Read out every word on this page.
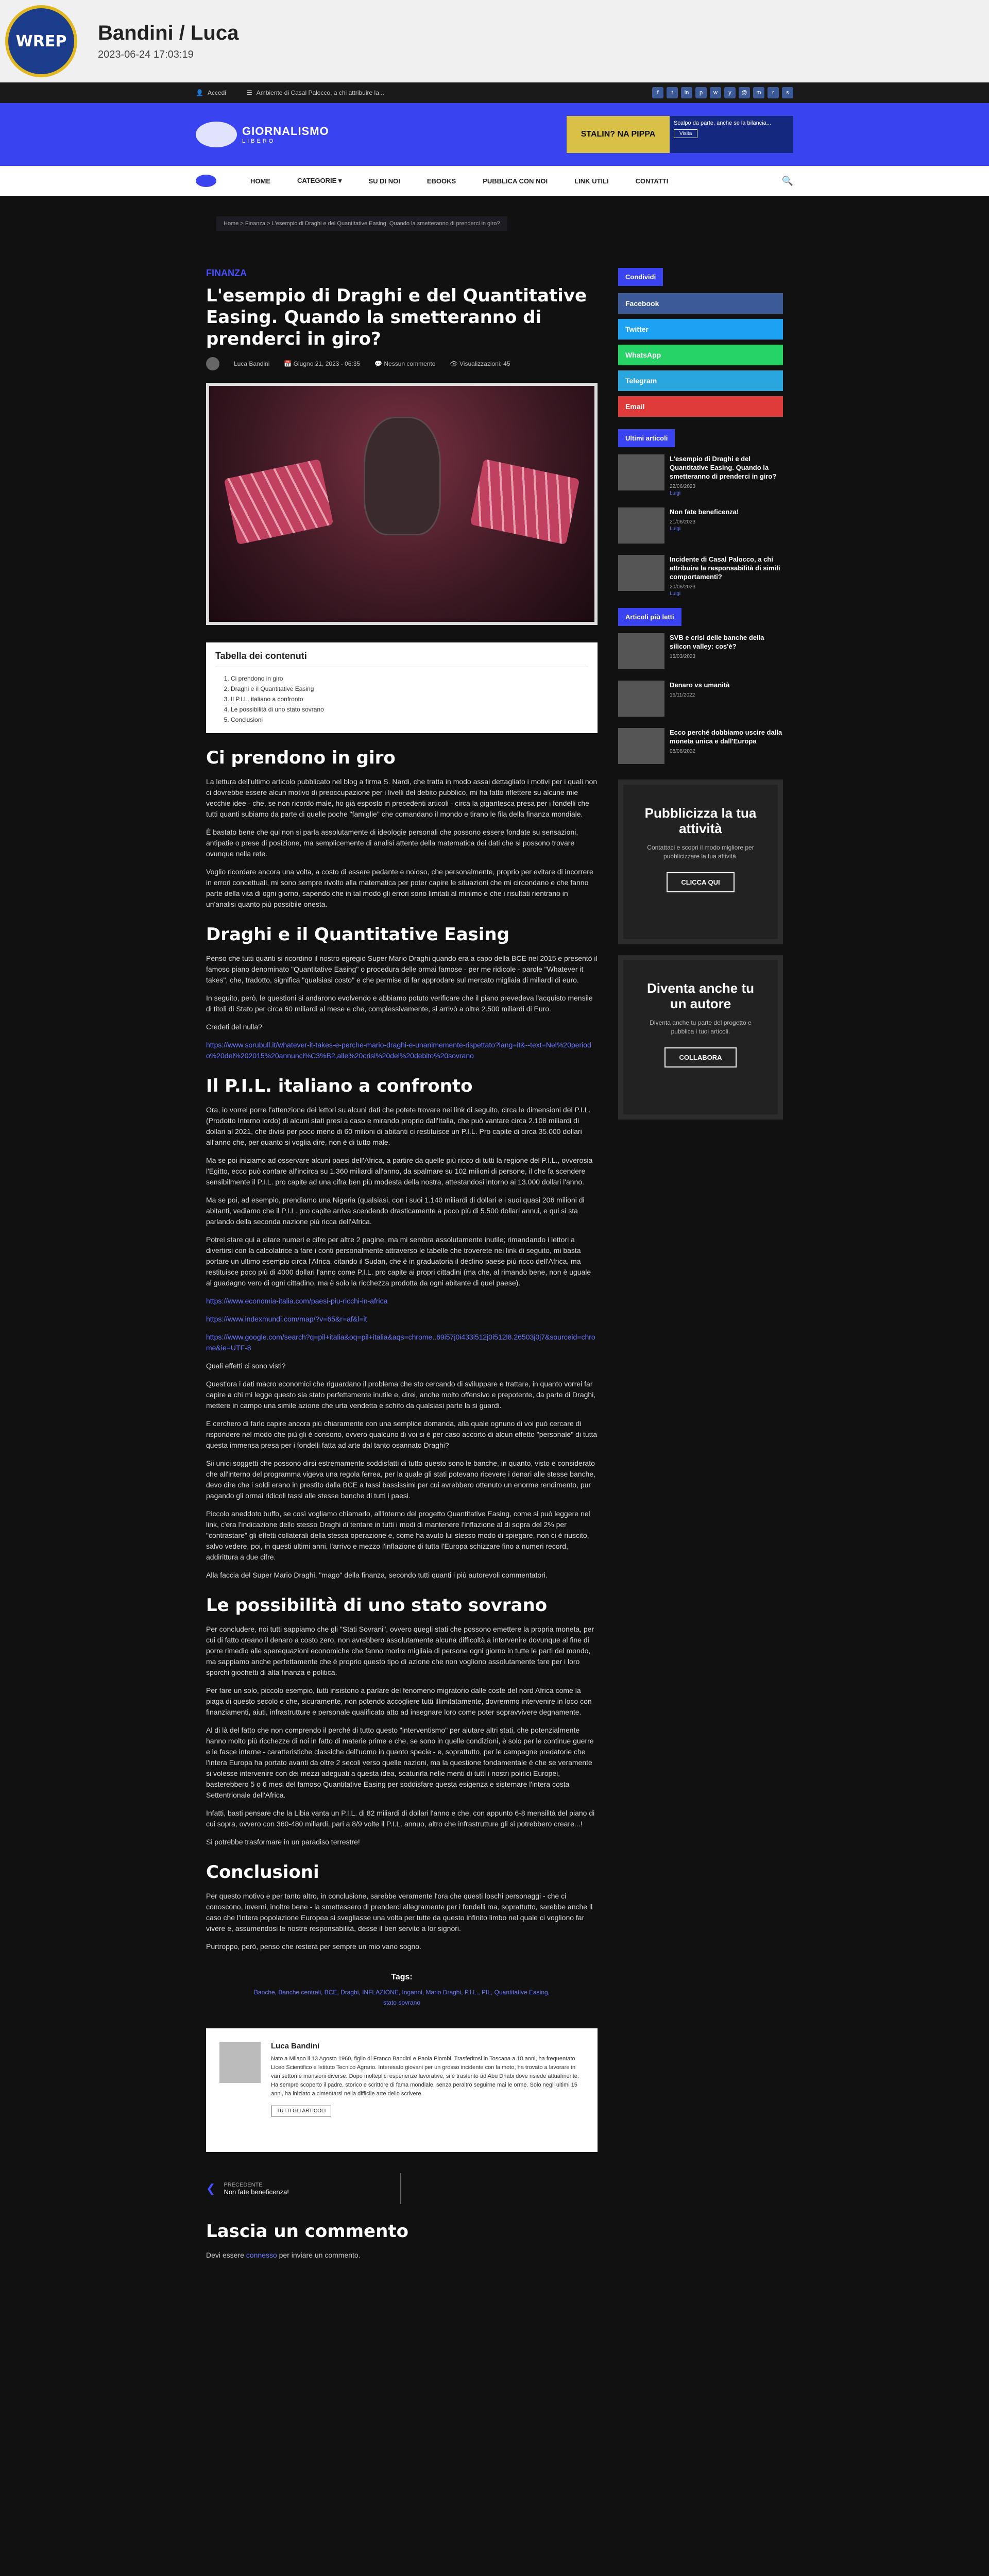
WREP	Bandini / Luca
2023-06-24 17:03:19
👤 Accedi	☰ Ambiente di Casal Palocco, a chi attribuire la...	f	t	in	p	w	y	@	m	r	s
GIORNALISMO
LIBERO
STALIN? NA PIPPA
Scalpo da parte, anche se la bilancia...
Visita
HOME	CATEGORIE ▾	SU DI NOI	EBOOKS	PUBBLICA CON NOI	LINK UTILI	CONTATTI	🔍
Home > Finanza > L'esempio di Draghi e del Quantitative Easing. Quando la smetteranno di prenderci in giro?
FINANZA
L'esempio di Draghi e del Quantitative Easing. Quando la smetteranno di prenderci in giro?
Luca Bandini 📅 Giugno 21, 2023 - 06:35 💬 Nessun commento 👁 Visualizzazioni: 45
Tabella dei contenuti
1. Ci prendono in giro
2. Draghi e il Quantitative Easing
3. Il P.I.L. italiano a confronto
4. Le possibilità di uno stato sovrano
5. Conclusioni
Ci prendono in giro

La lettura dell'ultimo articolo pubblicato nel blog a firma S. Nardi, che tratta in modo assai dettagliato i motivi per i quali non ci dovrebbe essere alcun motivo di preoccupazione per i livelli del debito pubblico, mi ha fatto riflettere su alcune mie vecchie idee - che, se non ricordo male, ho già esposto in precedenti articoli - circa la gigantesca presa per i fondelli che tutti quanti subiamo da parte di quelle poche "famiglie" che comandano il mondo e tirano le fila della finanza mondiale.

È bastato bene che qui non si parla assolutamente di ideologie personali che possono essere fondate su sensazioni, antipatie o prese di posizione, ma semplicemente di analisi attente della matematica dei dati che si possono trovare ovunque nella rete.

Voglio ricordare ancora una volta, a costo di essere pedante e noioso, che personalmente, proprio per evitare di incorrere in errori concettuali, mi sono sempre rivolto alla matematica per poter capire le situazioni che mi circondano e che fanno parte della vita di ogni giorno, sapendo che in tal modo gli errori sono limitati al minimo e che i risultati rientrano in un'analisi quanto più possibile onesta.

Draghi e il Quantitative Easing

Penso che tutti quanti si ricordino il nostro egregio Super Mario Draghi quando era a capo della BCE nel 2015 e presentò il famoso piano denominato "Quantitative Easing" o procedura delle ormai famose - per me ridicole - parole "Whatever it takes", che, tradotto, significa "qualsiasi costo" e che permise di far approdare sul mercato migliaia di miliardi di euro.

In seguito, però, le questioni si andarono evolvendo e abbiamo potuto verificare che il piano prevedeva l'acquisto mensile di titoli di Stato per circa 60 miliardi al mese e che, complessivamente, si arrivò a oltre 2.500 miliardi di Euro.

Credeti del nulla?

https://www.sorubull.it/whatever-it-takes-e-perche-mario-draghi-e-unanimemente-rispettato?lang=it&--text=Nel%20periodo%20del%202015%20annunci%C3%B2,alle%20crisi%20del%20debito%20sovrano

Il P.I.L. italiano a confronto

Ora, io vorrei porre l'attenzione dei lettori su alcuni dati che potete trovare nei link di seguito, circa le dimensioni del P.I.L. (Prodotto Interno lordo) di alcuni stati presi a caso e mirando proprio dall'Italia, che può vantare circa 2.108 miliardi di dollari al 2021, che divisi per poco meno di 60 milioni di abitanti ci restituisce un P.I.L. Pro capite di circa 35.000 dollari all'anno che, per quanto si voglia dire, non è di tutto male.

Ma se poi iniziamo ad osservare alcuni paesi dell'Africa, a partire da quelle più ricco di tutti la regione del P.I.L., ovverosia l'Egitto, ecco può contare all'incirca su 1.360 miliardi all'anno, da spalmare su 102 milioni di persone, il che fa scendere sensibilmente il P.I.L. pro capite ad una cifra ben più modesta della nostra, attestandosi intorno ai 13.000 dollari l'anno.

Ma se poi, ad esempio, prendiamo una Nigeria (qualsiasi, con i suoi 1.140 miliardi di dollari e i suoi quasi 206 milioni di abitanti, vediamo che il P.I.L. pro capite arriva scendendo drasticamente a poco più di 5.500 dollari annui, e qui si sta parlando della seconda nazione più ricca dell'Africa.

Potrei stare qui a citare numeri e cifre per altre 2 pagine, ma mi sembra assolutamente inutile; rimandando i lettori a divertirsi con la calcolatrice a fare i conti personalmente attraverso le tabelle che troverete nei link di seguito, mi basta portare un ultimo esempio circa l'Africa, citando il Sudan, che è in graduatoria il declino paese più ricco dell'Africa, ma restituisce poco più di 4000 dollari l'anno come P.I.L. pro capite ai propri cittadini (ma che, al rimando bene, non è uguale al guadagno vero di ogni cittadino, ma è solo la ricchezza prodotta da ogni abitante di quel paese).

https://www.economia-italia.com/paesi-piu-ricchi-in-africa

https://www.indexmundi.com/map/?v=65&r=af&l=it

https://www.google.com/search?q=pil+italia&oq=pil+italia&aqs=chrome..69i57j0i433i512j0i512l8.26503j0j7&sourceid=chrome&ie=UTF-8

Quali effetti ci sono visti?

Quest'ora i dati macro economici che riguardano il problema che sto cercando di sviluppare e trattare, in quanto vorrei far capire a chi mi legge questo sia stato perfettamente inutile e, direi, anche molto offensivo e prepotente, da parte di Draghi, mettere in campo una simile azione che urta vendetta e schifo da qualsiasi parte la si guardi.

E cerchero di farlo capire ancora più chiaramente con una semplice domanda, alla quale ognuno di voi può cercare di rispondere nel modo che più gli è consono, ovvero qualcuno di voi si è per caso accorto di alcun effetto "personale" di tutta questa immensa presa per i fondelli fatta ad arte dal tanto osannato Draghi?

Sii unici soggetti che possono dirsi estremamente soddisfatti di tutto questo sono le banche, in quanto, visto e considerato che all'interno del programma vigeva una regola ferrea, per la quale gli stati potevano ricevere i denari alle stesse banche, devo dire che i soldi erano in prestito dalla BCE a tassi bassissimi per cui avrebbero ottenuto un enorme rendimento, pur pagando gli ormai ridicoli tassi alle stesse banche di tutti i paesi.

Piccolo aneddoto buffo, se così vogliamo chiamarlo, all'interno del progetto Quantitative Easing, come si può leggere nel link, c'era l'indicazione dello stesso Draghi di tentare in tutti i modi di mantenere l'inflazione al di sopra del 2% per "contrastare" gli effetti collaterali della stessa operazione e, come ha avuto lui stesso modo di spiegare, non ci è riuscito, salvo vedere, poi, in questi ultimi anni, l'arrivo e mezzo l'inflazione di tutta l'Europa schizzare fino a numeri record, addirittura a due cifre.

Alla faccia del Super Mario Draghi, "mago" della finanza, secondo tutti quanti i più autorevoli commentatori.

Le possibilità di uno stato sovrano

Per concludere, noi tutti sappiamo che gli "Stati Sovrani", ovvero quegli stati che possono emettere la propria moneta, per cui di fatto creano il denaro a costo zero, non avrebbero assolutamente alcuna difficoltà a intervenire dovunque al fine di porre rimedio alle sperequazioni economiche che fanno morire migliaia di persone ogni giorno in tutte le parti del mondo, ma sappiamo anche perfettamente che è proprio questo tipo di azione che non vogliono assolutamente fare per i loro sporchi giochetti di alta finanza e politica.

Per fare un solo, piccolo esempio, tutti insistono a parlare del fenomeno migratorio dalle coste del nord Africa come la piaga di questo secolo e che, sicuramente, non potendo accogliere tutti illimitatamente, dovremmo intervenire in loco con finanziamenti, aiuti, infrastrutture e personale qualificato atto ad insegnare loro come poter sopravvivere degnamente.

Al di là del fatto che non comprendo il perché di tutto questo "interventismo" per aiutare altri stati, che potenzialmente hanno molto più ricchezze di noi in fatto di materie prime e che, se sono in quelle condizioni, è solo per le continue guerre e le fasce interne - caratteristiche classiche dell'uomo in quanto specie - e, soprattutto, per le campagne predatorie che l'intera Europa ha portato avanti da oltre 2 secoli verso quelle nazioni, ma la questione fondamentale è che se veramente si volesse intervenire con dei mezzi adeguati a questa idea, scaturirla nelle menti di tutti i nostri politici Europei, basterebbero 5 o 6 mesi del famoso Quantitative Easing per soddisfare questa esigenza e sistemare l'intera costa Settentrionale dell'Africa.

Infatti, basti pensare che la Libia vanta un P.I.L. di 82 miliardi di dollari l'anno e che, con appunto 6-8 mensilità del piano di cui sopra, ovvero con 360-480 miliardi, pari a 8/9 volte il P.I.L. annuo, altro che infrastrutture gli si potrebbero creare...!

Si potrebbe trasformare in un paradiso terrestre!

Conclusioni

Per questo motivo e per tanto altro, in conclusione, sarebbe veramente l'ora che questi loschi personaggi - che ci conoscono, inverni, inoltre bene - la smettessero di prenderci allegramente per i fondelli ma, soprattutto, sarebbe anche il caso che l'intera popolazione Europea si svegliasse una volta per tutte da questo infinito limbo nel quale ci vogliono far vivere e, assumendosi le nostre responsabilità, desse il ben servito a lor signori.

Purtroppo, però, penso che resterà per sempre un mio vano sogno.

Tags:
Banche, Banche centrali, BCE, Draghi, INFLAZIONE, Inganni, Mario Draghi, P.I.L., PIL, Quantitative Easing, stato sovrano
Luca Bandini
Nato a Milano il 13 Agosto 1960, figlio di Franco Bandini e Paola Piombi. Trasferitosi in Toscana a 18 anni, ha frequentato Liceo Scientifico e Istituto Tecnico Agrario. Interesato giovani per un grosso incidente con la moto, ha trovato a lavorare in vari settori e mansioni diverse. Dopo molteplici esperienze lavorative, si è trasferito ad Abu Dhabi dove risiede attualmente. Ha sempre scoperto il padre, storico e scrittore di fama mondiale, senza peraltro seguirne mai le orme. Solo negli ultimi 15 anni, ha iniziato a cimentarsi nella difficile arte dello scrivere.
TUTTI GLI ARTICOLI
❮ PRECEDENTE
Non fate beneficenza!
Lascia un commento

Devi essere connesso per inviare un commento.

Condividi
Facebook
Twitter
WhatsApp
Telegram
Email
Ultimi articoli
L'esempio di Draghi e del Quantitative Easing. Quando la smetteranno di prenderci in giro?
22/06/2023
Luigi
Non fate beneficenza!
21/06/2023
Luigi
Incidente di Casal Palocco, a chi attribuire la responsabilità di simili comportamenti?
20/06/2023
Luigi
Articoli più letti
SVB e crisi delle banche della silicon valley: cos'è?
15/03/2023
Denaro vs umanità
16/11/2022
Ecco perché dobbiamo uscire dalla moneta unica e dall'Europa
08/08/2022
Pubblicizza la tua attività

Contattaci e scopri il modo migliore per pubblicizzare la tua attività.

CLICCA QUI
Diventa anche tu un autore

Diventa anche tu parte del progetto e pubblica i tuoi articoli.

COLLABORA
